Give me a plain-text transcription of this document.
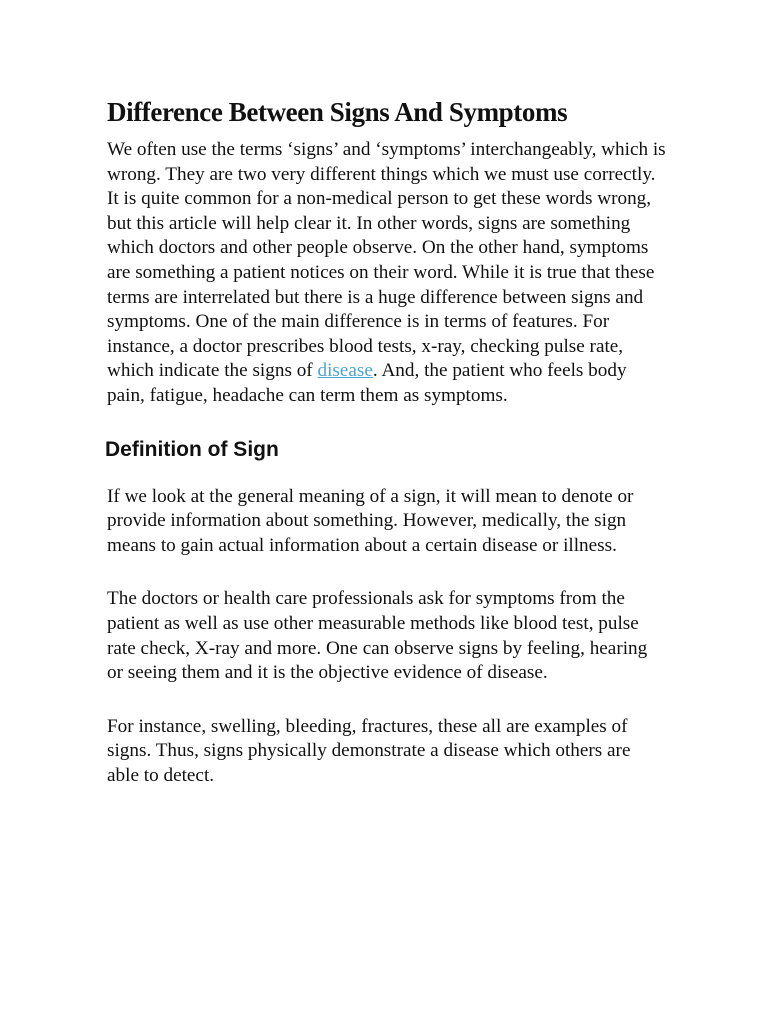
Difference Between Signs And Symptoms

We often use the terms ‘signs’ and ‘symptoms’ interchangeably, which is wrong. They are two very different things which we must use correctly. It is quite common for a non-medical person to get these words wrong, but this article will help clear it. In other words, signs are something which doctors and other people observe. On the other hand, symptoms are something a patient notices on their word. While it is true that these terms are interrelated but there is a huge difference between signs and symptoms. One of the main difference is in terms of features. For instance, a doctor prescribes blood tests, x-ray, checking pulse rate, which indicate the signs of disease. And, the patient who feels body pain, fatigue, headache can term them as symptoms.

Definition of Sign

If we look at the general meaning of a sign, it will mean to denote or provide information about something. However, medically, the sign means to gain actual information about a certain disease or illness.

The doctors or health care professionals ask for symptoms from the patient as well as use other measurable methods like blood test, pulse rate check, X-ray and more. One can observe signs by feeling, hearing or seeing them and it is the objective evidence of disease.

For instance, swelling, bleeding, fractures, these all are examples of signs. Thus, signs physically demonstrate a disease which others are able to detect.
